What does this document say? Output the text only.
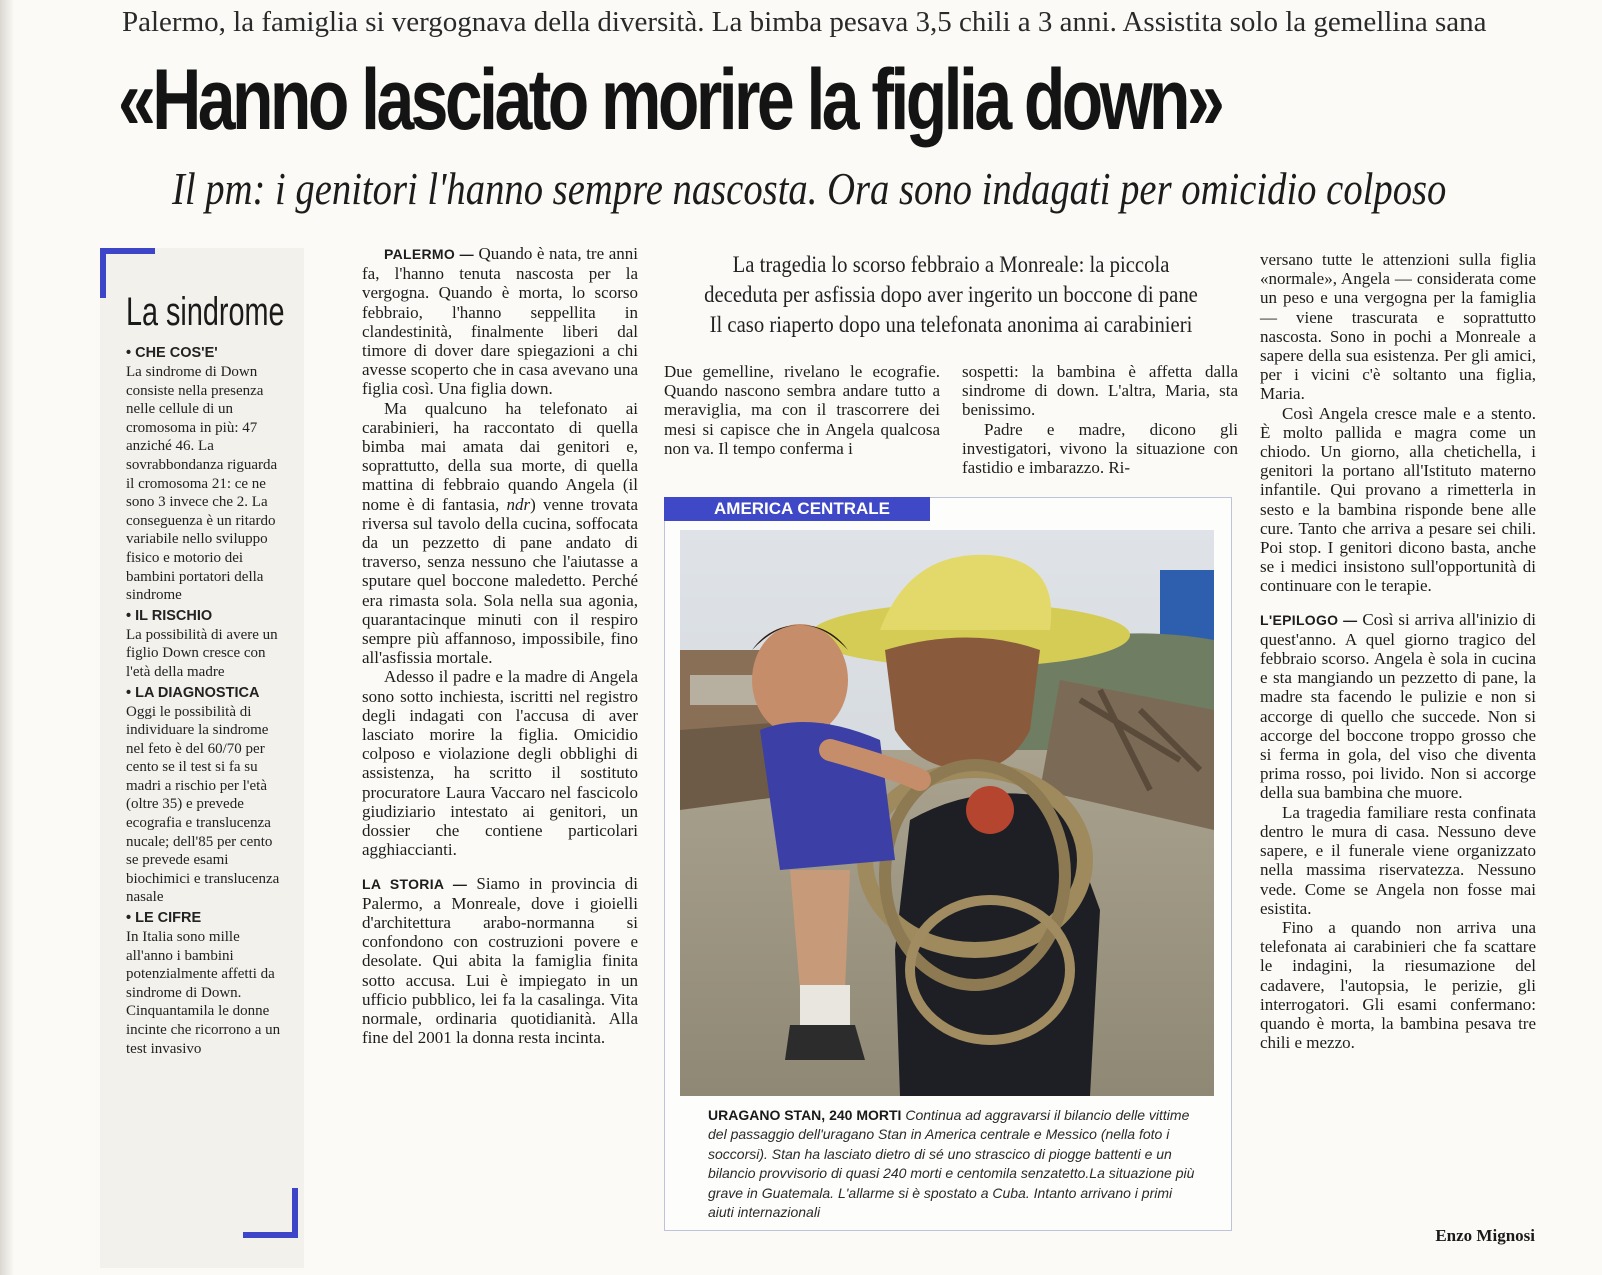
Palermo, la famiglia si vergognava della diversità. La bimba pesava 3,5 chili a 3 anni. Assistita solo la gemellina sana
«Hanno lasciato morire la figlia down»
Il pm: i genitori l'hanno sempre nascosta. Ora sono indagati per omicidio colposo
La sindrome
• CHE COS'E'

La sindrome di Down consiste nella presenza nelle cellule di un cromosoma in più: 47 anziché 46. La sovrabbondanza riguarda il cromosoma 21: ce ne sono 3 invece che 2. La conseguenza è un ritardo variabile nello sviluppo fisico e motorio dei bambini portatori della sindrome

• IL RISCHIO

La possibilità di avere un figlio Down cresce con l'età della madre

• LA DIAGNOSTICA

Oggi le possibilità di individuare la sindrome nel feto è del 60/70 per cento se il test si fa su madri a rischio per l'età (oltre 35) e prevede ecografia e translucenza nucale; dell'85 per cento se prevede esami biochimici e translucenza nasale

• LE CIFRE

In Italia sono mille all'anno i bambini potenzialmente affetti da sindrome di Down. Cinquantamila le donne incinte che ricorrono a un test invasivo

PALERMO — Quando è nata, tre anni fa, l'hanno tenuta nascosta per la vergogna. Quando è morta, lo scorso febbraio, l'hanno seppellita in clandestinità, finalmente liberi dal timore di dover dare spiegazioni a chi avesse scoperto che in casa avevano una figlia così. Una figlia down.

Ma qualcuno ha telefonato ai carabinieri, ha raccontato di quella bimba mai amata dai genitori e, soprattutto, della sua morte, di quella mattina di febbraio quando Angela (il nome è di fantasia, ndr) venne trovata riversa sul tavolo della cucina, soffocata da un pezzetto di pane andato di traverso, senza nessuno che l'aiutasse a sputare quel boccone maledetto. Perché era rimasta sola. Sola nella sua agonia, quarantacinque minuti con il respiro sempre più affannoso, impossibile, fino all'asfissia mortale.

Adesso il padre e la madre di Angela sono sotto inchiesta, iscritti nel registro degli indagati con l'accusa di aver lasciato morire la figlia. Omicidio colposo e violazione degli obblighi di assistenza, ha scritto il sostituto procuratore Laura Vaccaro nel fascicolo giudiziario intestato ai genitori, un dossier che contiene particolari agghiaccianti.

LA STORIA — Siamo in provincia di Palermo, a Monreale, dove i gioielli d'architettura arabo-normanna si confondono con costruzioni povere e desolate. Qui abita la famiglia finita sotto accusa. Lui è impiegato in un ufficio pubblico, lei fa la casalinga. Vita normale, ordinaria quotidianità. Alla fine del 2001 la donna resta incinta.

La tragedia lo scorso febbraio a Monreale: la piccola
deceduta per asfissia dopo aver ingerito un boccone di pane
Il caso riaperto dopo una telefonata anonima ai carabinieri

Due gemelline, rivelano le ecografie. Quando nascono sembra andare tutto a meraviglia, ma con il trascorrere dei mesi si capisce che in Angela qualcosa non va. Il tempo conferma i

sospetti: la bambina è affetta dalla sindrome di down. L'altra, Maria, sta benissimo.

Padre e madre, dicono gli investigatori, vivono la situazione con fastidio e imbarazzo. Ri-

AMERICA CENTRALE
URAGANO STAN, 240 MORTI Continua ad aggravarsi il bilancio delle vittime del passaggio dell'uragano Stan in America centrale e Messico (nella foto i soccorsi). Stan ha lasciato dietro di sé uno strascico di piogge battenti e un bilancio provvisorio di quasi 240 morti e centomila senzatetto.La situazione più grave in Guatemala. L'allarme si è spostato a Cuba. Intanto arrivano i primi aiuti internazionali

versano tutte le attenzioni sulla figlia «normale», Angela — considerata come un peso e una vergogna per la famiglia — viene trascurata e soprattutto nascosta. Sono in pochi a Monreale a sapere della sua esistenza. Per gli amici, per i vicini c'è soltanto una figlia, Maria.

Così Angela cresce male e a stento. È molto pallida e magra come un chiodo. Un giorno, alla chetichella, i genitori la portano all'Istituto materno infantile. Qui provano a rimetterla in sesto e la bambina risponde bene alle cure. Tanto che arriva a pesare sei chili. Poi stop. I genitori dicono basta, anche se i medici insistono sull'opportunità di continuare con le terapie.

L'EPILOGO — Così si arriva all'inizio di quest'anno. A quel giorno tragico del febbraio scorso. Angela è sola in cucina e sta mangiando un pezzetto di pane, la madre sta facendo le pulizie e non si accorge di quello che succede. Non si accorge del boccone troppo grosso che si ferma in gola, del viso che diventa prima rosso, poi livido. Non si accorge della sua bambina che muore.

La tragedia familiare resta confinata dentro le mura di casa. Nessuno deve sapere, e il funerale viene organizzato nella massima riservatezza. Nessuno vede. Come se Angela non fosse mai esistita.

Fino a quando non arriva una telefonata ai carabinieri che fa scattare le indagini, la riesumazione del cadavere, l'autopsia, le perizie, gli interrogatori. Gli esami confermano: quando è morta, la bambina pesava tre chili e mezzo.

Enzo Mignosi
